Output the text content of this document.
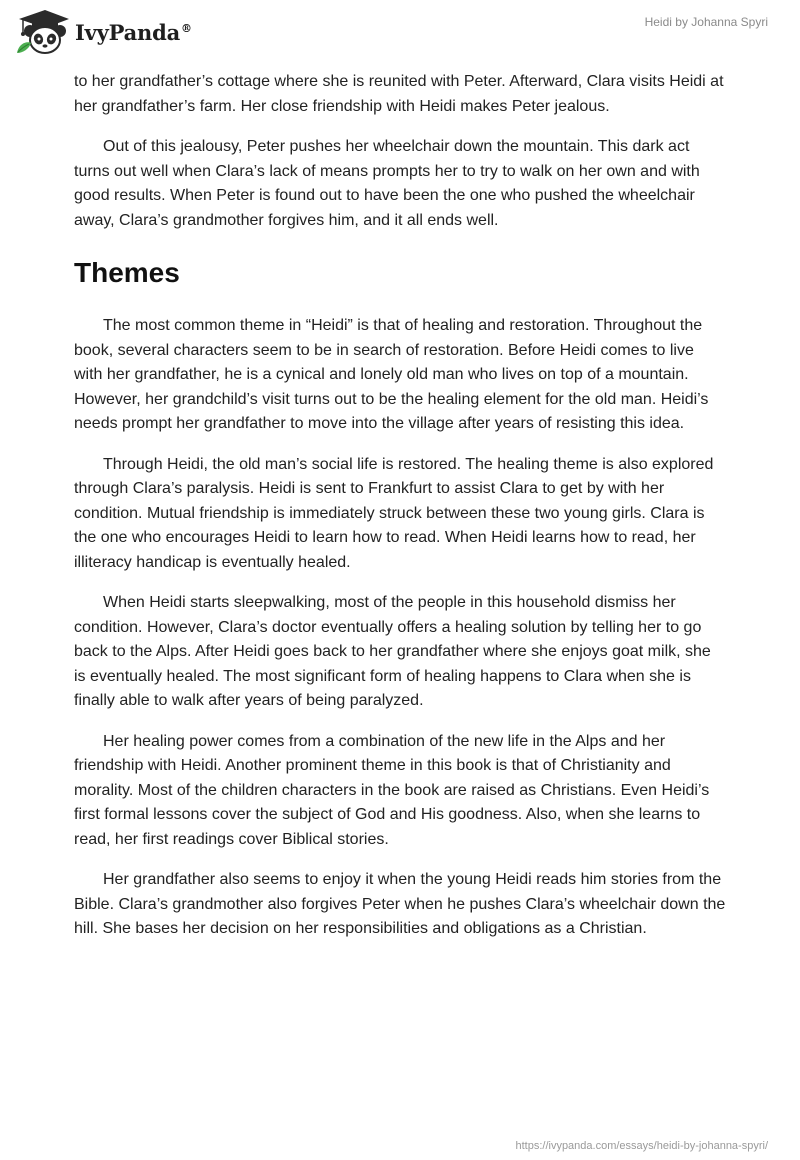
IvyPanda®	Heidi by Johanna Spyri

to her grandfather’s cottage where she is reunited with Peter. Afterward, Clara visits Heidi at her grandfather’s farm. Her close friendship with Heidi makes Peter jealous.

Out of this jealousy, Peter pushes her wheelchair down the mountain. This dark act turns out well when Clara’s lack of means prompts her to try to walk on her own and with good results. When Peter is found out to have been the one who pushed the wheelchair away, Clara’s grandmother forgives him, and it all ends well.

Themes

The most common theme in “Heidi” is that of healing and restoration. Throughout the book, several characters seem to be in search of restoration. Before Heidi comes to live with her grandfather, he is a cynical and lonely old man who lives on top of a mountain. However, her grandchild’s visit turns out to be the healing element for the old man. Heidi’s needs prompt her grandfather to move into the village after years of resisting this idea.

Through Heidi, the old man’s social life is restored. The healing theme is also explored through Clara’s paralysis. Heidi is sent to Frankfurt to assist Clara to get by with her condition. Mutual friendship is immediately struck between these two young girls. Clara is the one who encourages Heidi to learn how to read. When Heidi learns how to read, her illiteracy handicap is eventually healed.

When Heidi starts sleepwalking, most of the people in this household dismiss her condition. However, Clara’s doctor eventually offers a healing solution by telling her to go back to the Alps. After Heidi goes back to her grandfather where she enjoys goat milk, she is eventually healed. The most significant form of healing happens to Clara when she is finally able to walk after years of being paralyzed.

Her healing power comes from a combination of the new life in the Alps and her friendship with Heidi. Another prominent theme in this book is that of Christianity and morality. Most of the children characters in the book are raised as Christians. Even Heidi’s first formal lessons cover the subject of God and His goodness. Also, when she learns to read, her first readings cover Biblical stories.

Her grandfather also seems to enjoy it when the young Heidi reads him stories from the Bible. Clara’s grandmother also forgives Peter when he pushes Clara’s wheelchair down the hill. She bases her decision on her responsibilities and obligations as a Christian.

https://ivypanda.com/essays/heidi-by-johanna-spyri/
